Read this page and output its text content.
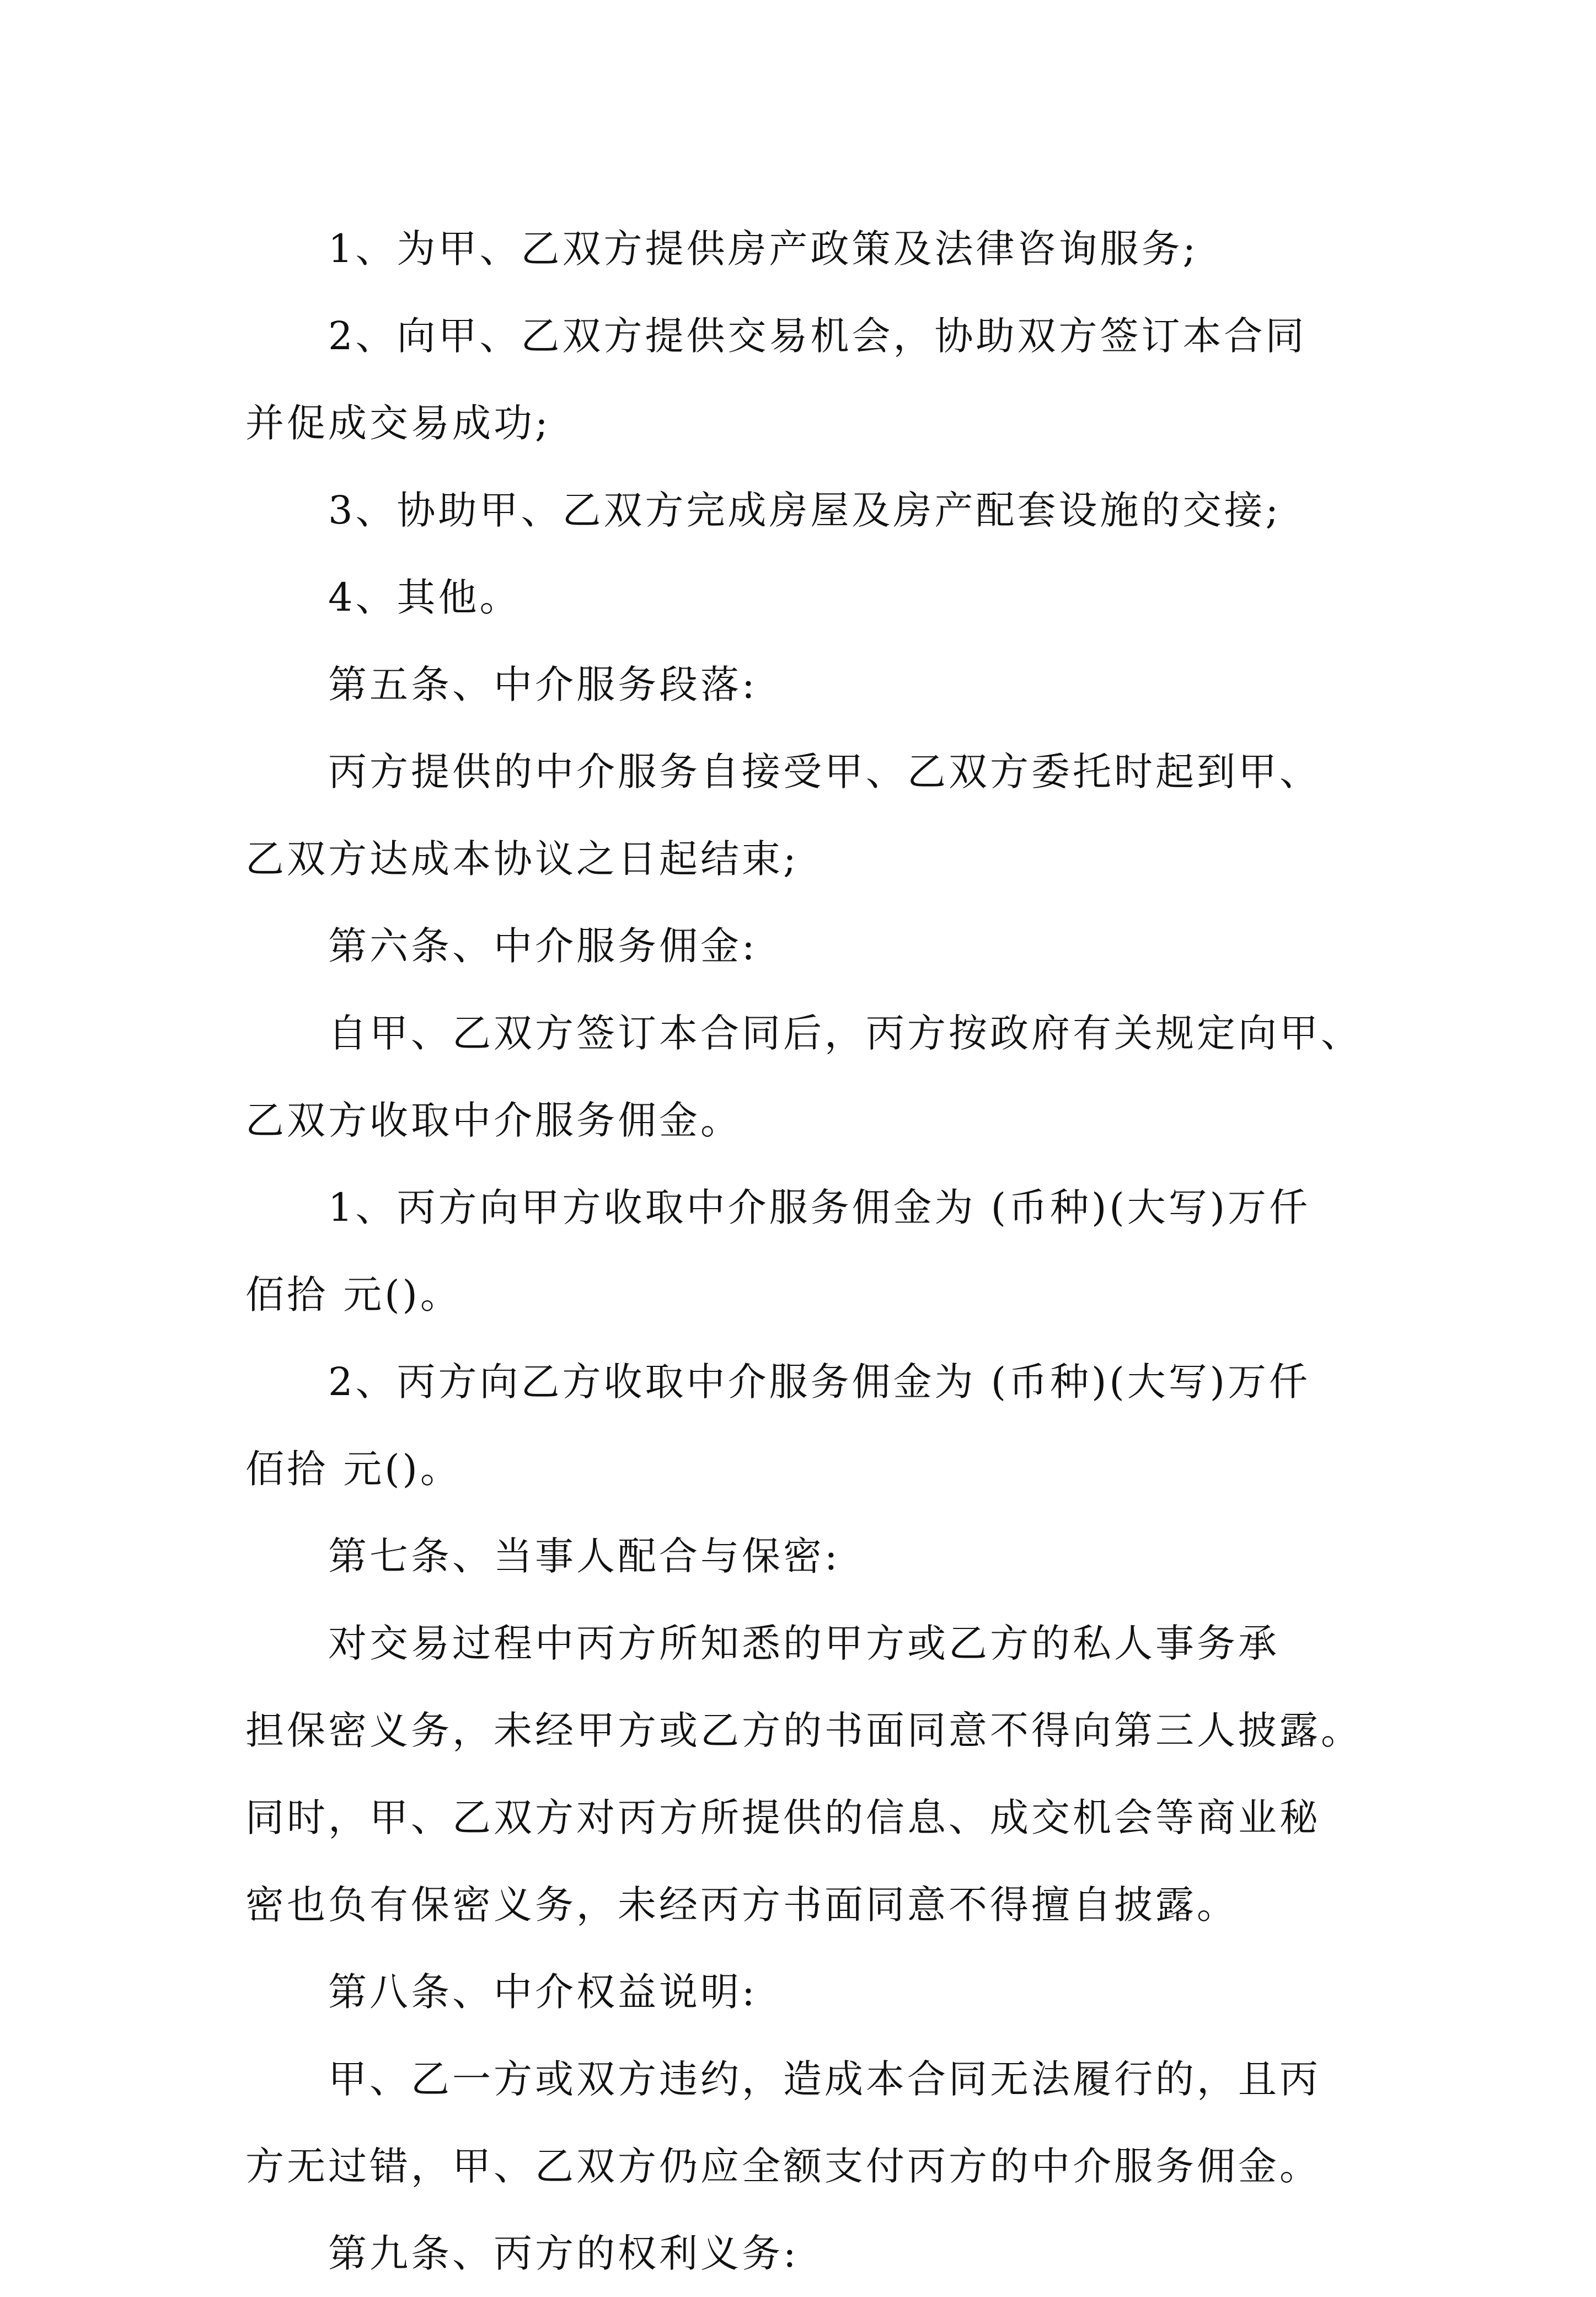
1、为甲、乙双方提供房产政策及法律咨询服务;
2、向甲、乙双方提供交易机会，协助双方签订本合同
并促成交易成功;
3、协助甲、乙双方完成房屋及房产配套设施的交接;
4、其他。
第五条、中介服务段落:
丙方提供的中介服务自接受甲、乙双方委托时起到甲、
乙双方达成本协议之日起结束;
第六条、中介服务佣金:
自甲、乙双方签订本合同后，丙方按政府有关规定向甲、
乙双方收取中介服务佣金。
1、丙方向甲方收取中介服务佣金为 (币种)(大写)万仟
佰拾 元()。
2、丙方向乙方收取中介服务佣金为 (币种)(大写)万仟
佰拾 元()。
第七条、当事人配合与保密:
对交易过程中丙方所知悉的甲方或乙方的私人事务承
担保密义务，未经甲方或乙方的书面同意不得向第三人披露。
同时，甲、乙双方对丙方所提供的信息、成交机会等商业秘
密也负有保密义务，未经丙方书面同意不得擅自披露。
第八条、中介权益说明:
甲、乙一方或双方违约，造成本合同无法履行的，且丙
方无过错，甲、乙双方仍应全额支付丙方的中介服务佣金。
第九条、丙方的权利义务:
